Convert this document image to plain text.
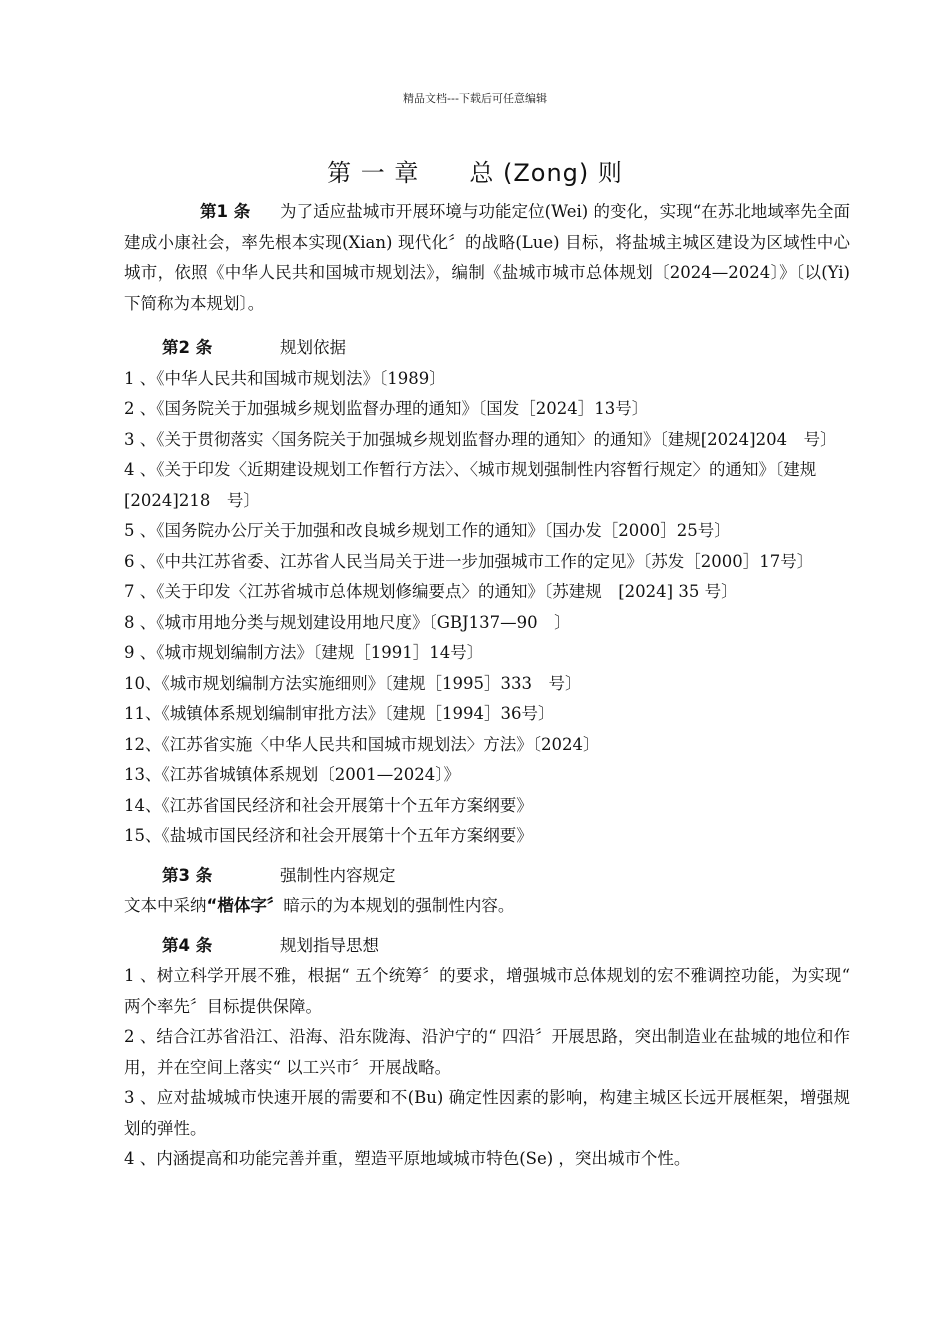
精品文档---下载后可任意编辑
第 一 章　　总 (Zong) 则

第1 条 为了适应盐城市开展环境与功能定位(Wei) 的变化，实现“在苏北地域率先全面建成小康社会，率先根本实现(Xian) 现代化〞的战略(Lue) 目标，将盐城主城区建设为区域性中心城市，依照《中华人民共和国城市规划法》，编制《盐城市城市总体规划〔2024—2024〕》〔以(Yi) 下简称为本规划〕。

第2 条	规划依据

1 、《中华人民共和国城市规划法》〔1989〕

2 、《国务院关于加强城乡规划监督办理的通知》〔国发［2024］13号〕

3 、《关于贯彻落实〈国务院关于加强城乡规划监督办理的通知〉的通知》〔建规[2024]204　号〕

4 、《关于印发〈近期建设规划工作暂行方法〉、〈城市规划强制性内容暂行规定〉的通知》〔建规[2024]218　号〕

5 、《国务院办公厅关于加强和改良城乡规划工作的通知》〔国办发［2000］25号〕

6 、《中共江苏省委、江苏省人民当局关于进一步加强城市工作的定见》〔苏发［2000］17号〕

7 、《关于印发〈江苏省城市总体规划修编要点〉的通知》〔苏建规　[2024] 35 号〕

8 、《城市用地分类与规划建设用地尺度》〔GBJ137—90　〕

9 、《城市规划编制方法》〔建规［1991］14号〕

10、《城市规划编制方法实施细则》〔建规［1995］333　号〕

11、《城镇体系规划编制审批方法》〔建规［1994］36号〕

12、《江苏省实施〈中华人民共和国城市规划法〉方法》〔2024〕

13、《江苏省城镇体系规划〔2001—2024〕》

14、《江苏省国民经济和社会开展第十个五年方案纲要》

15、《盐城市国民经济和社会开展第十个五年方案纲要》

第3 条	强制性内容规定

文本中采纳“楷体字〞暗示的为本规划的强制性内容。

第4 条	规划指导思想

1 、树立科学开展不雅，根据“ 五个统筹〞的要求，增强城市总体规划的宏不雅调控功能，为实现“ 两个率先〞目标提供保障。

2 、结合江苏省沿江、沿海、沿东陇海、沿沪宁的“ 四沿〞开展思路，突出制造业在盐城的地位和作用，并在空间上落实“ 以工兴市〞开展战略。

3 、应对盐城城市快速开展的需要和不(Bu) 确定性因素的影响，构建主城区长远开展框架，增强规划的弹性。

4 、内涵提高和功能完善并重，塑造平原地域城市特色(Se) ，突出城市个性。
